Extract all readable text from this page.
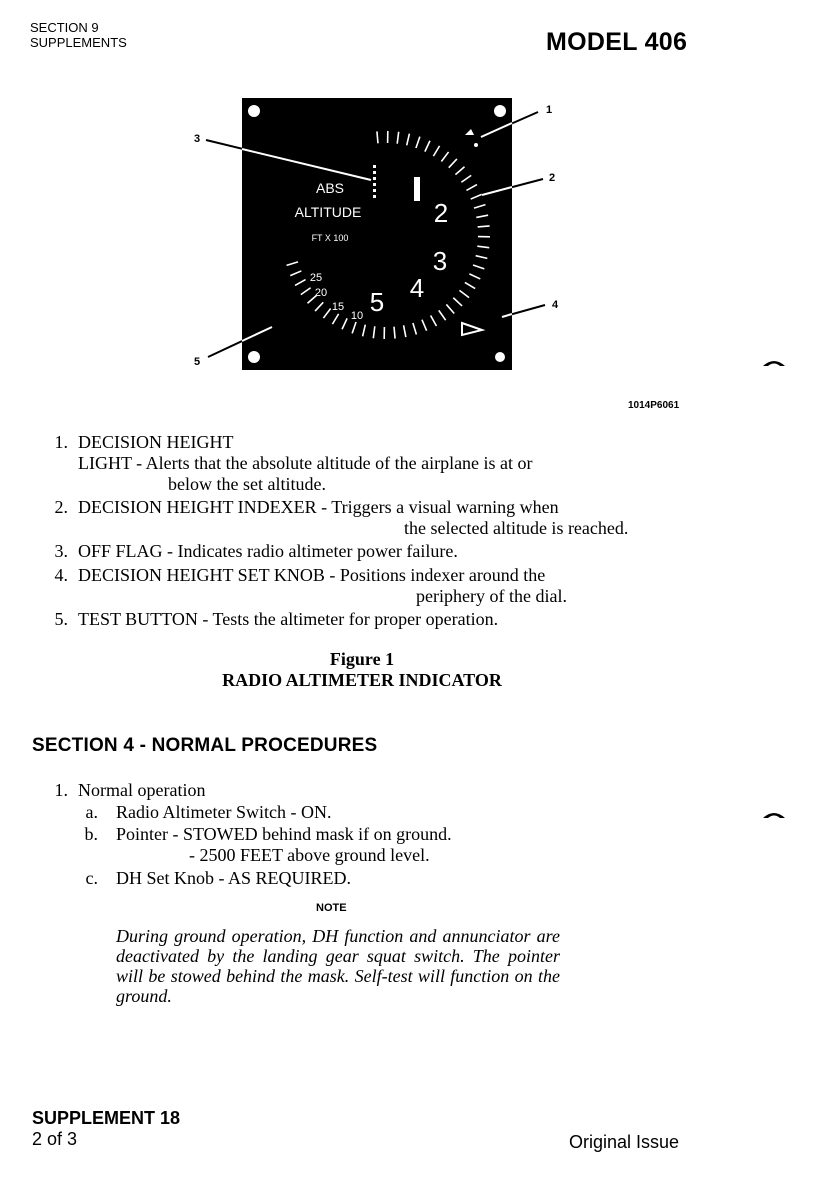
SECTION 9
SUPPLEMENTS	MODEL 406
ABS
ALTITUDE
FT X 100
2
3
4
5
25
20
15
10
1
2
3
4
5
1014P6061
1. DECISION HEIGHT
LIGHT - Alerts that the absolute altitude of the airplane is at or
below the set altitude.
2. DECISION HEIGHT INDEXER - Triggers a visual warning when
the selected altitude is reached.
3. OFF FLAG - Indicates radio altimeter power failure.
4. DECISION HEIGHT SET KNOB - Positions indexer around the
periphery of the dial.
5. TEST BUTTON - Tests the altimeter for proper operation.
Figure 1
RADIO ALTIMETER INDICATOR
SECTION 4 - NORMAL PROCEDURES
1. Normal operation
a. Radio Altimeter Switch - ON.
b. Pointer - STOWED behind mask if on ground.
- 2500 FEET above ground level.
c. DH Set Knob - AS REQUIRED.
NOTE
During ground operation, DH function and annunciator are deactivated by the landing gear squat switch. The pointer will be stowed behind the mask. Self-test will function on the ground.
SUPPLEMENT 18
2 of 3	Original Issue
